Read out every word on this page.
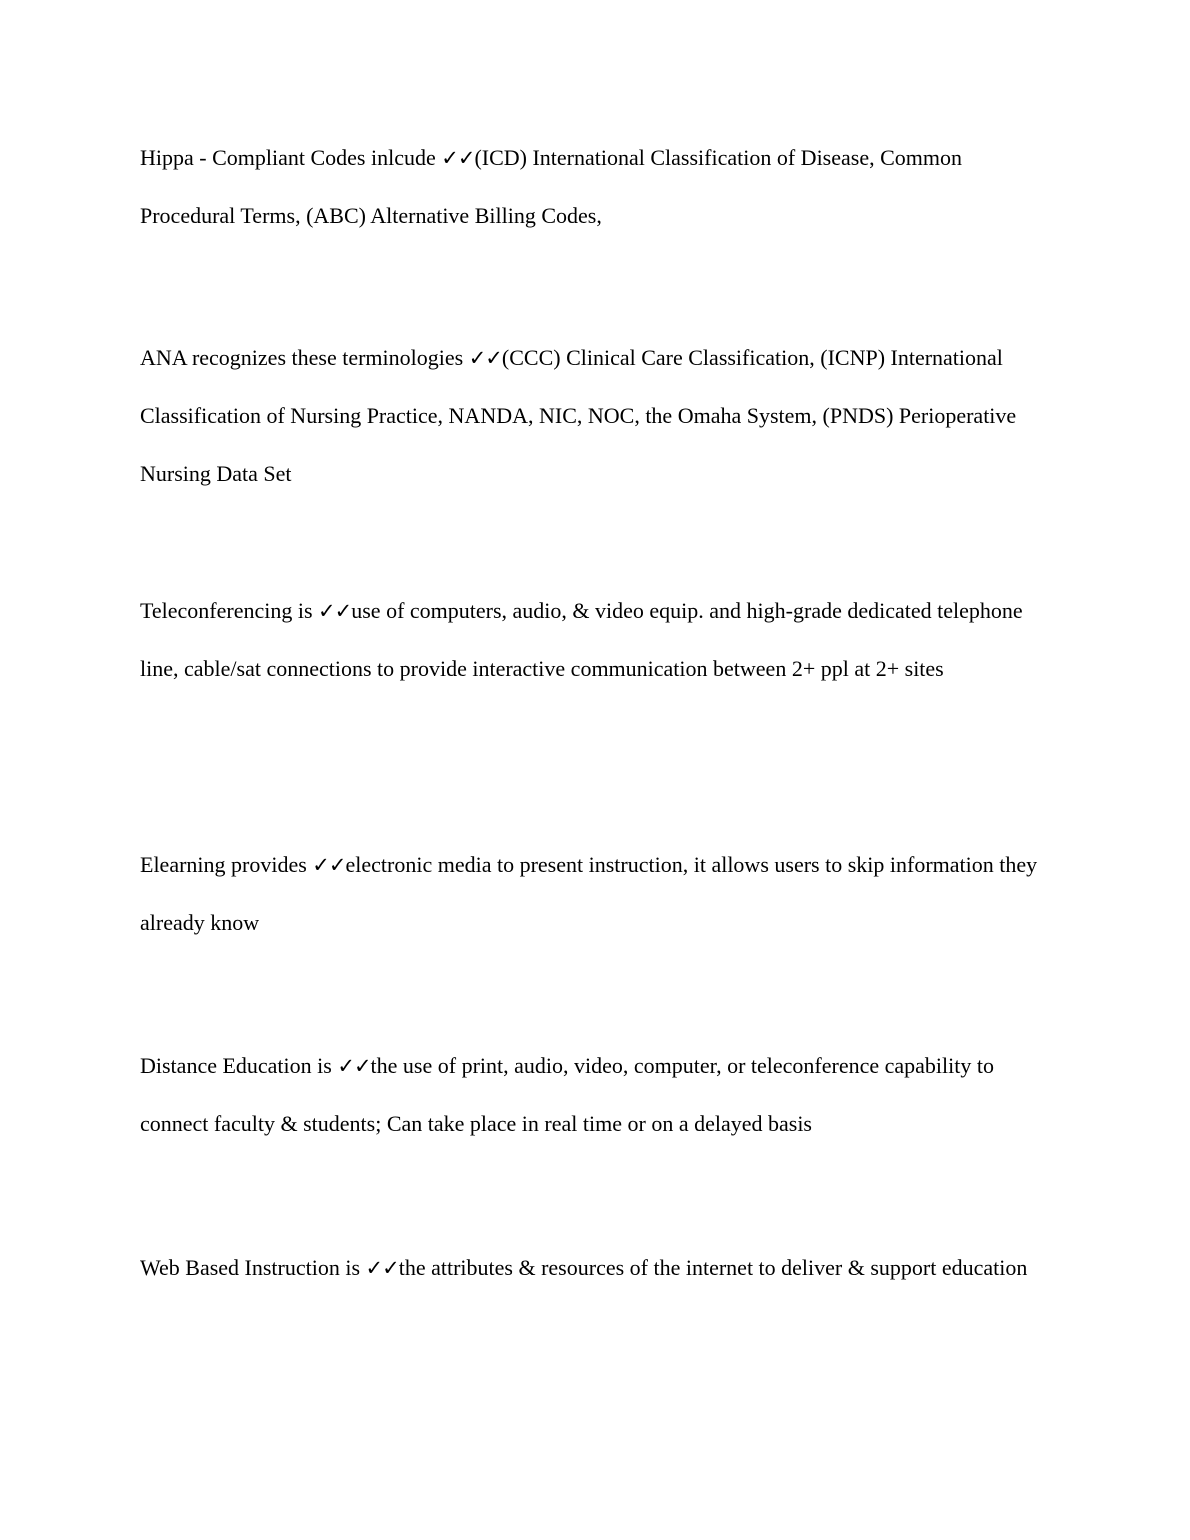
Hippa - Compliant Codes inlcude ✓✓(ICD) International Classification of Disease, Common Procedural Terms, (ABC) Alternative Billing Codes,

ANA recognizes these terminologies ✓✓(CCC) Clinical Care Classification, (ICNP) International Classification of Nursing Practice, NANDA, NIC, NOC, the Omaha System, (PNDS) Perioperative Nursing Data Set

Teleconferencing is ✓✓use of computers, audio, & video equip. and high-grade dedicated telephone line, cable/sat connections to provide interactive communication between 2+ ppl at 2+ sites

Elearning provides ✓✓electronic media to present instruction, it allows users to skip information they already know

Distance Education is ✓✓the use of print, audio, video, computer, or teleconference capability to connect faculty & students; Can take place in real time or on a delayed basis

Web Based Instruction is ✓✓the attributes & resources of the internet to deliver & support education
